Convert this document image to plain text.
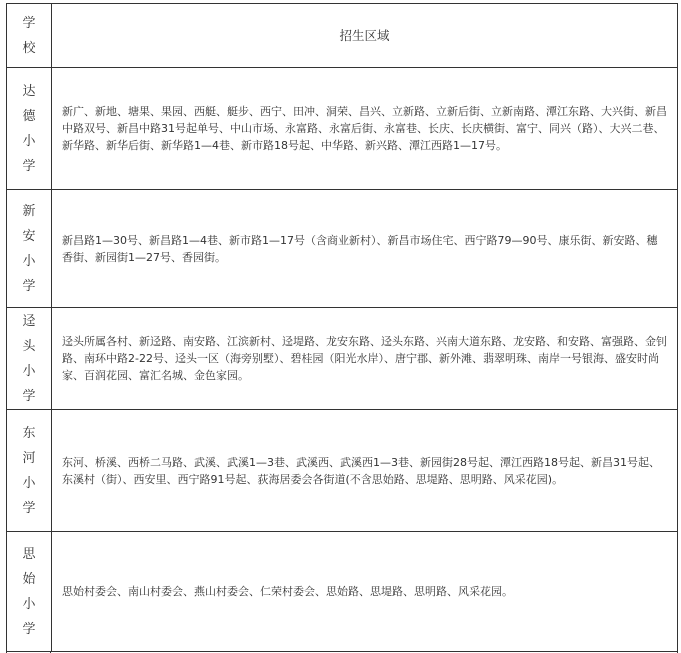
学
校	招生区域

达
德
小
学	新广、新地、塘果、果园、西艇、艇步、西宁、田冲、洞荣、昌兴、立新路、立新后街、立新南路、潭江东路、大兴街、新昌中路双号、新昌中路31号起单号、中山市场、永富路、永富后街、永富巷、长庆、长庆横街、富宁、同兴（路）、大兴二巷、新华路、新华后街、新华路1—4巷、新市路18号起、中华路、新兴路、潭江西路1—17号。

新
安
小
学	新昌路1—30号、新昌路1—4巷、新市路1—17号（含商业新村）、新昌市场住宅、西宁路79—90号、康乐街、新安路、穗香街、新园街1—27号、香园街。

迳
头
小
学	迳头所属各村、新迳路、南安路、江滨新村、迳堤路、龙安东路、迳头东路、兴南大道东路、龙安路、和安路、富强路、金钊路、南环中路2-22号、迳头一区（海旁别墅）、碧桂园（阳光水岸）、唐宁郡、新外滩、翡翠明珠、南岸一号银海、盛安时尚家、百润花园、富汇名城、金色家园。

东
河
小
学	东河、桥溪、西桥二马路、武溪、武溪1—3巷、武溪西、武溪西1—3巷、新园街28号起、潭江西路18号起、新昌31号起、东溪村（街）、西安里、西宁路91号起、荻海居委会各街道(不含思始路、思堤路、思明路、风采花园)。

思
始
小
学	思始村委会、南山村委会、燕山村委会、仁荣村委会、思始路、思堤路、思明路、风采花园。
